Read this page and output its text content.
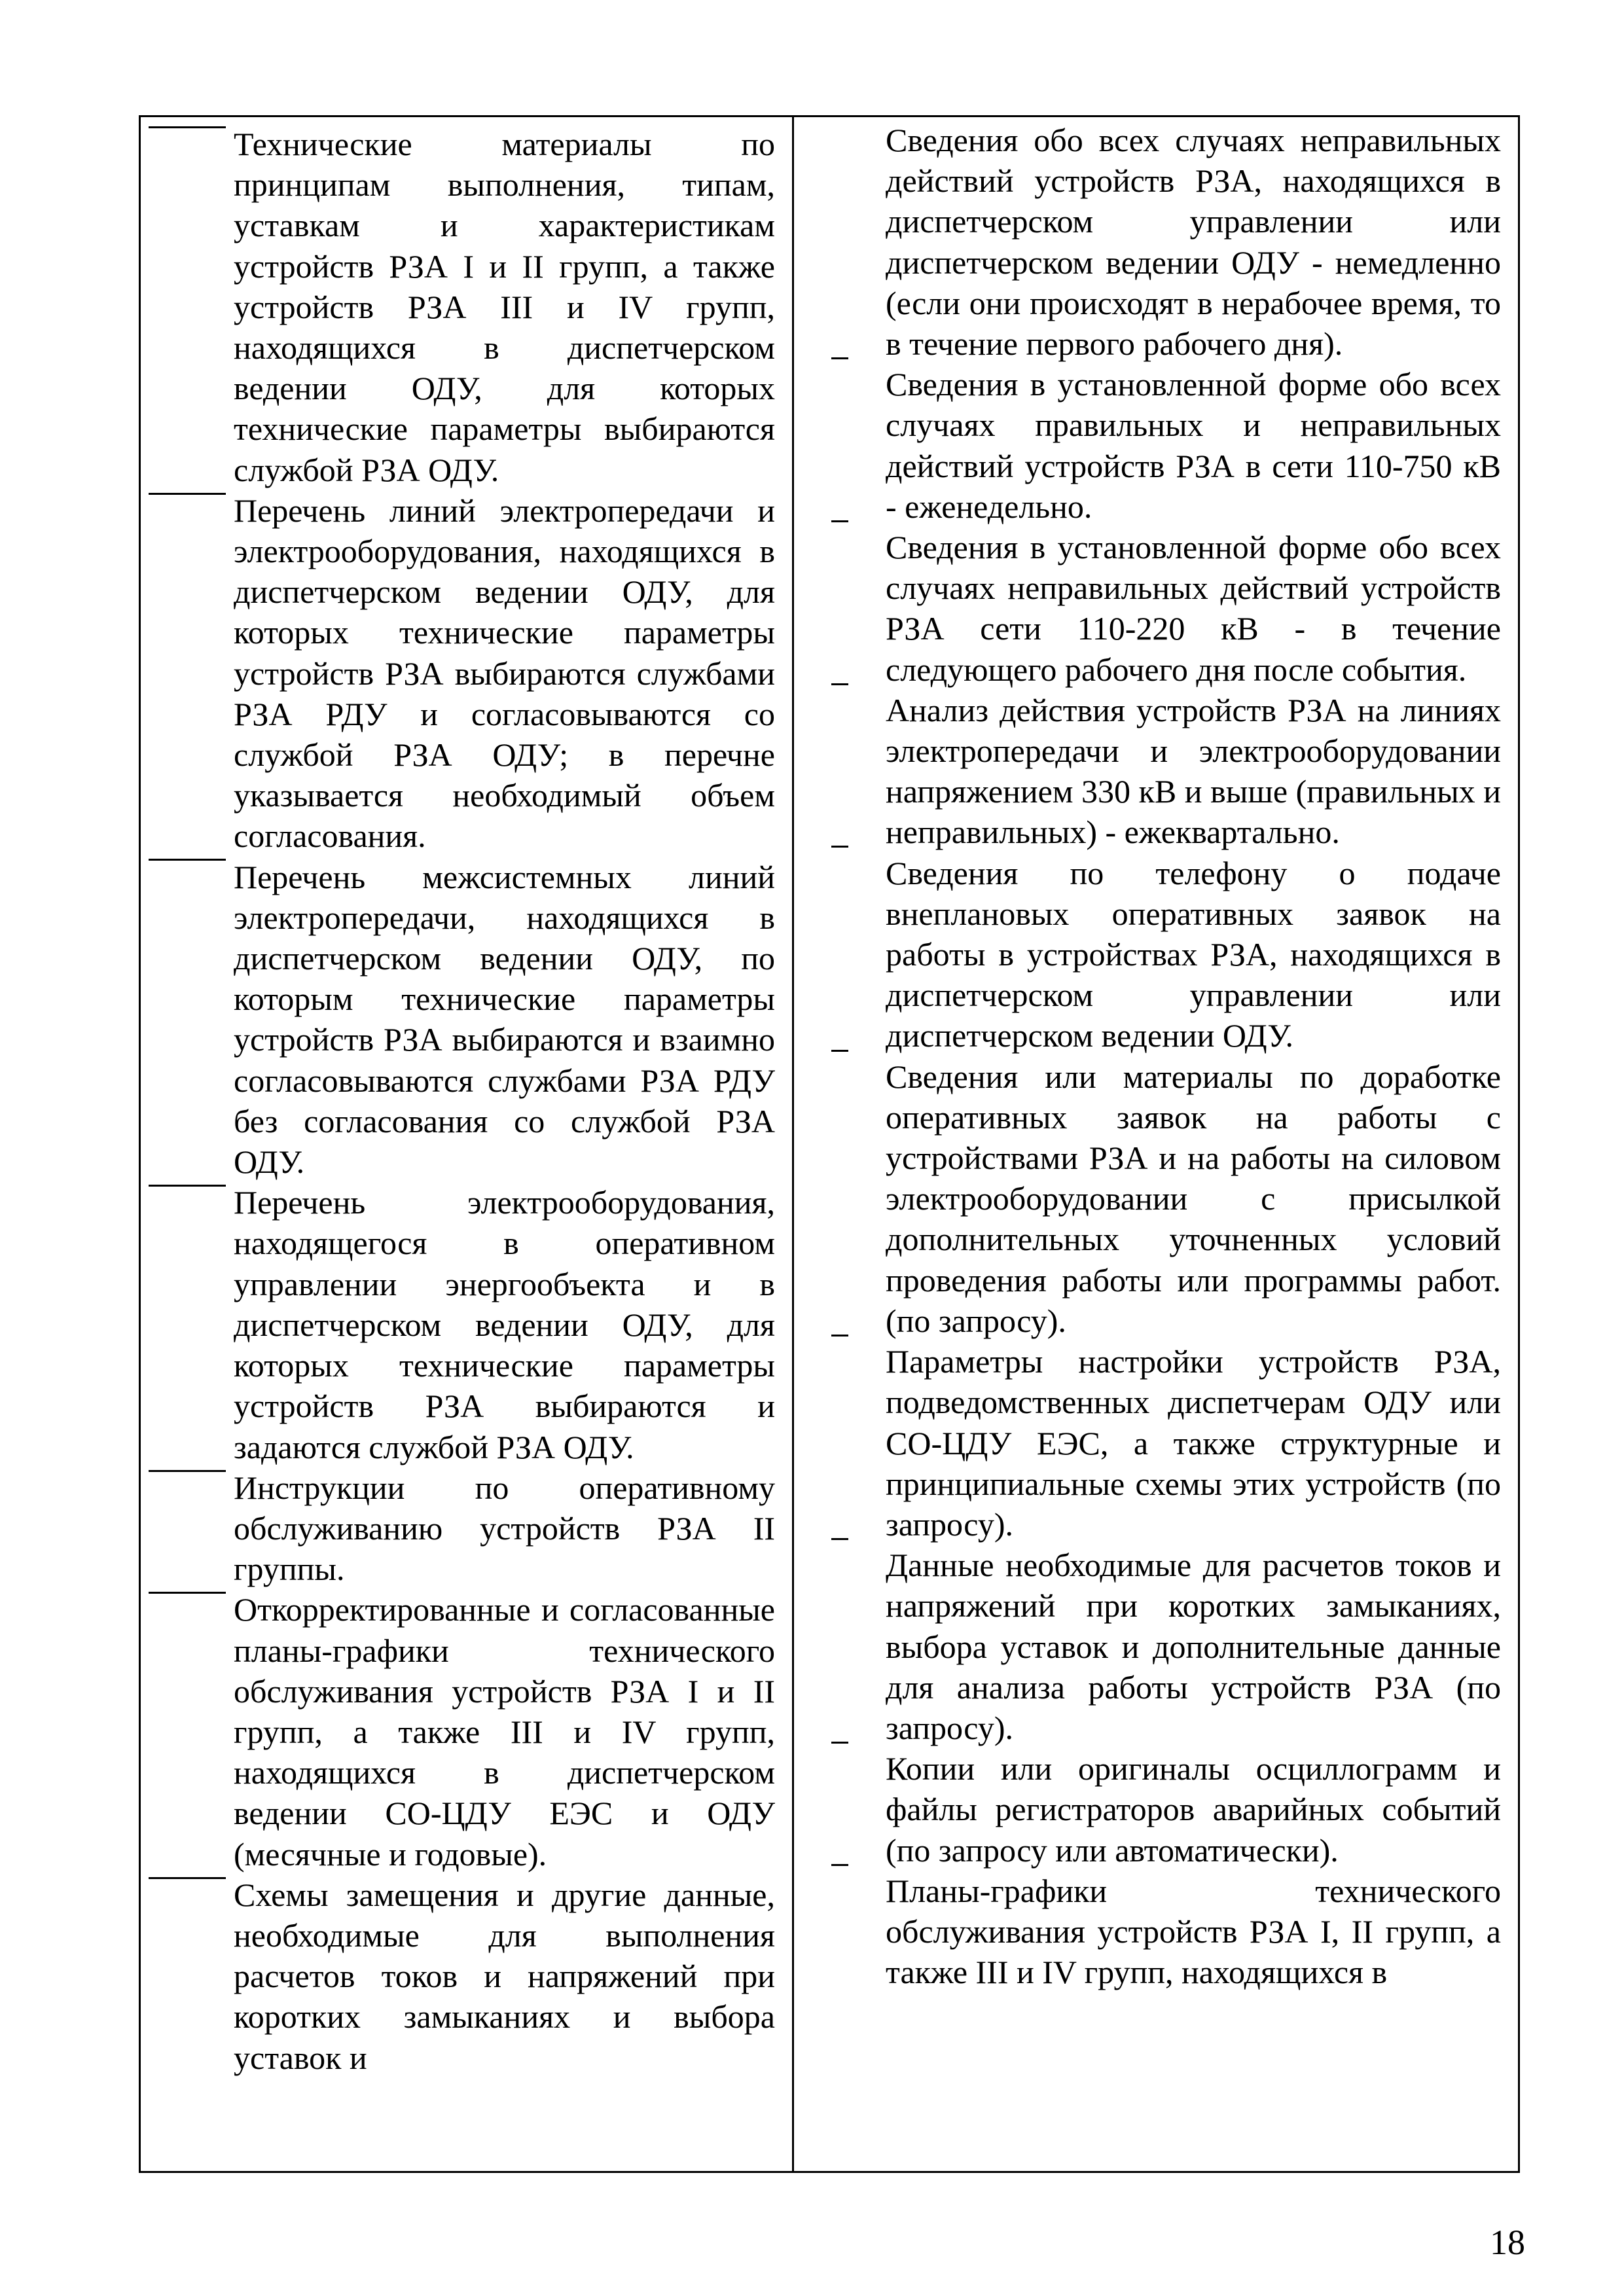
Технические материалы по принципам выполнения, типам, уставкам и характеристикам устройств РЗА I и II групп, а также устройств РЗА III и IV групп, находящихся в диспетчерском ведении ОДУ, для которых технические параметры выбираются службой РЗА ОДУ.
Перечень линий электропередачи и электрооборудования, находящихся в диспетчерском ведении ОДУ, для которых технические параметры устройств РЗА выбираются службами РЗА РДУ и согласовываются со службой РЗА ОДУ; в перечне указывается необходимый объем согласования.
Перечень межсистемных линий электропередачи, находящихся в диспетчерском ведении ОДУ, по которым технические параметры устройств РЗА выбираются и взаимно согласовываются службами РЗА РДУ без согласования со службой РЗА ОДУ.
Перечень электрооборудования, находящегося в оперативном управлении энергообъекта и в диспетчерском ведении ОДУ, для которых технические параметры устройств РЗА выбираются и задаются службой РЗА ОДУ.
Инструкции по оперативному обслуживанию устройств РЗА II группы.
Откорректированные и согласованные планы-графики технического обслуживания устройств РЗА I и II групп, а также III и IV групп, находящихся в диспетчерском ведении СО-ЦДУ ЕЭС и ОДУ (месячные и годовые).
Схемы замещения и другие данные, необходимые для выполнения расчетов токов и напряжений при коротких замыканиях и выбора уставок и
Сведения обо всех случаях неправильных действий устройств РЗА, находящихся в диспетчерском управлении или диспетчерском ведении ОДУ - немедленно (если они происходят в нерабочее время, то в течение первого рабочего дня).
Сведения в установленной форме обо всех случаях правильных и неправильных действий устройств РЗА в сети 110-750 кВ - еженедельно.
Сведения в установленной форме обо всех случаях неправильных действий устройств РЗА сети 110-220 кВ - в течение следующего рабочего дня после события.
Анализ действия устройств РЗА на линиях электропередачи и электрооборудовании напряжением 330 кВ и выше (правильных и неправильных) - ежеквартально.
Сведения по телефону о подаче внеплановых оперативных заявок на работы в устройствах РЗА, находящихся в диспетчерском управлении или диспетчерском ведении ОДУ.
Сведения или материалы по доработке оперативных заявок на работы с устройствами РЗА и на работы на силовом электрооборудовании с присылкой дополнительных уточненных условий проведения работы или программы работ. (по запросу).
Параметры настройки устройств РЗА, подведомственных диспетчерам ОДУ или СО-ЦДУ ЕЭС, а также структурные и принципиальные схемы этих устройств (по запросу).
Данные необходимые для расчетов токов и напряжений при коротких замыканиях, выбора уставок и дополнительные данные для анализа работы устройств РЗА (по запросу).
Копии или оригиналы осциллограмм и файлы регистраторов аварийных событий (по запросу или автоматически).
Планы-графики технического обслуживания устройств РЗА I, II групп, а также III и IV групп, находящихся в
18
